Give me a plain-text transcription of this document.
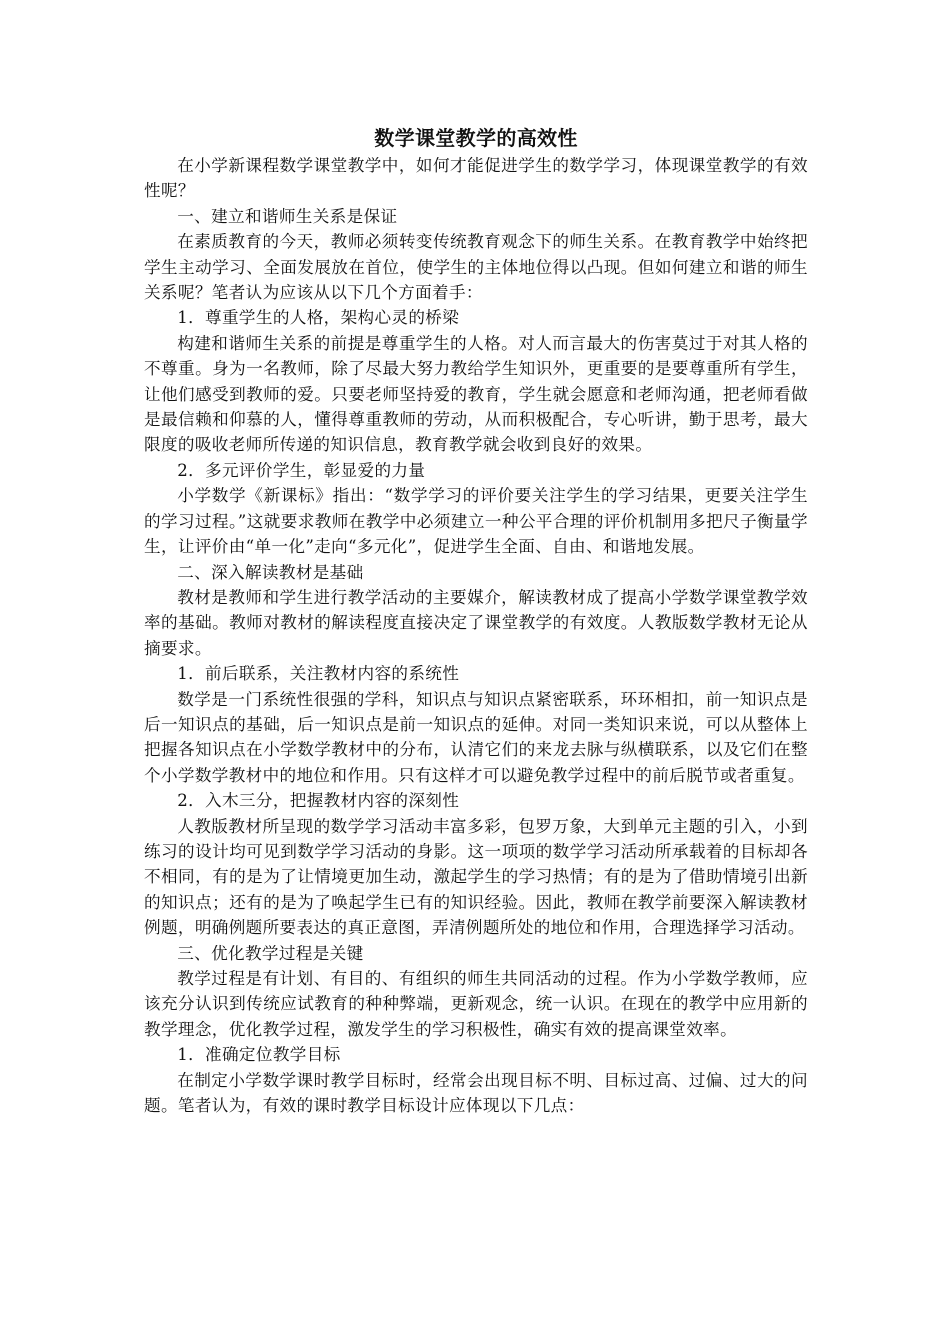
数学课堂教学的高效性

在小学新课程数学课堂教学中，如何才能促进学生的数学学习，体现课堂教学的有效性呢？

一、建立和谐师生关系是保证

在素质教育的今天，教师必须转变传统教育观念下的师生关系。在教育教学中始终把学生主动学习、全面发展放在首位，使学生的主体地位得以凸现。但如何建立和谐的师生关系呢？笔者认为应该从以下几个方面着手：

1．尊重学生的人格，架构心灵的桥梁

构建和谐师生关系的前提是尊重学生的人格。对人而言最大的伤害莫过于对其人格的不尊重。身为一名教师，除了尽最大努力教给学生知识外，更重要的是要尊重所有学生，让他们感受到教师的爱。只要老师坚持爱的教育，学生就会愿意和老师沟通，把老师看做是最信赖和仰慕的人，懂得尊重教师的劳动，从而积极配合，专心听讲，勤于思考，最大限度的吸收老师所传递的知识信息，教育教学就会收到良好的效果。

2．多元评价学生，彰显爱的力量

小学数学《新课标》指出：“数学学习的评价要关注学生的学习结果，更要关注学生的学习过程。”这就要求教师在教学中必须建立一种公平合理的评价机制用多把尺子衡量学生，让评价由“单一化”走向“多元化”，促进学生全面、自由、和谐地发展。

二、深入解读教材是基础

教材是教师和学生进行教学活动的主要媒介，解读教材成了提高小学数学课堂教学效率的基础。教师对教材的解读程度直接决定了课堂教学的有效度。人教版数学教材无论从摘要求。

1．前后联系，关注教材内容的系统性

数学是一门系统性很强的学科，知识点与知识点紧密联系，环环相扣，前一知识点是后一知识点的基础，后一知识点是前一知识点的延伸。对同一类知识来说，可以从整体上把握各知识点在小学数学教材中的分布，认清它们的来龙去脉与纵横联系，以及它们在整个小学数学教材中的地位和作用。只有这样才可以避免教学过程中的前后脱节或者重复。

2．入木三分，把握教材内容的深刻性

人教版教材所呈现的数学学习活动丰富多彩，包罗万象，大到单元主题的引入，小到练习的设计均可见到数学学习活动的身影。这一项项的数学学习活动所承载着的目标却各不相同，有的是为了让情境更加生动，激起学生的学习热情；有的是为了借助情境引出新的知识点；还有的是为了唤起学生已有的知识经验。因此，教师在教学前要深入解读教材例题，明确例题所要表达的真正意图，弄清例题所处的地位和作用，合理选择学习活动。

三、优化教学过程是关键

教学过程是有计划、有目的、有组织的师生共同活动的过程。作为小学数学教师，应该充分认识到传统应试教育的种种弊端，更新观念，统一认识。在现在的教学中应用新的教学理念，优化教学过程，激发学生的学习积极性，确实有效的提高课堂效率。

1．准确定位教学目标

在制定小学数学课时教学目标时，经常会出现目标不明、目标过高、过偏、过大的问题。笔者认为，有效的课时教学目标设计应体现以下几点：
